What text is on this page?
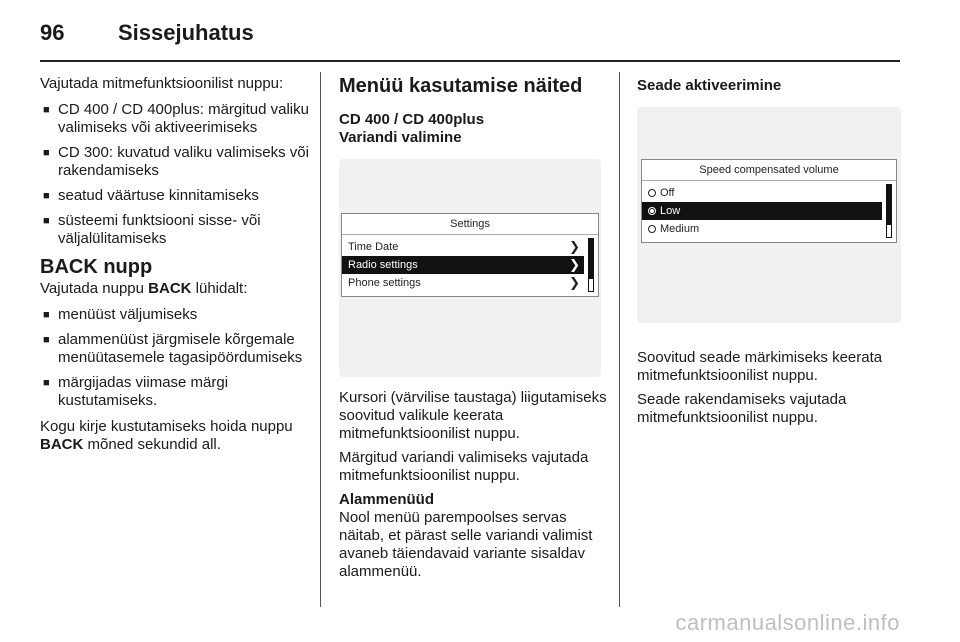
96	Sissejuhatus

Vajutada mitmefunktsioonilist nuppu:

■ CD 400 / CD 400plus: märgitud valiku valimiseks või aktiveerimiseks
■ CD 300: kuvatud valiku valimiseks või rakendamiseks
■ seatud väärtuse kinnitamiseks
■ süsteemi funktsiooni sisse- või väljalülitamiseks
BACK nupp

Vajutada nuppu BACK lühidalt:

■ menüüst väljumiseks
■ alammenüüst järgmisele kõrgemale menüütasemele tagasipöördumiseks
■ märgijadas viimase märgi kustutamiseks.

Kogu kirje kustutamiseks hoida nuppu BACK mõned sekundid all.

Menüü kasutamise näited
CD 400 / CD 400plus
Variandi valimine
Settings
Time Date	❯
Radio settings	❯
Phone settings	❯

Kursori (värvilise taustaga) liigutamiseks soovitud valikule keerata mitmefunktsioonilist nuppu.

Märgitud variandi valimiseks vajutada mitmefunktsioonilist nuppu.

Alammenüüd

Nool menüü parempoolses servas näitab, et pärast selle variandi valimist avaneb täiendavaid variante sisaldav alammenüü.

Seade aktiveerimine
Speed compensated volume
Off
Low
Medium

Soovitud seade märkimiseks keerata mitmefunktsioonilist nuppu.

Seade rakendamiseks vajutada mitmefunktsioonilist nuppu.

carmanualsonline.info
